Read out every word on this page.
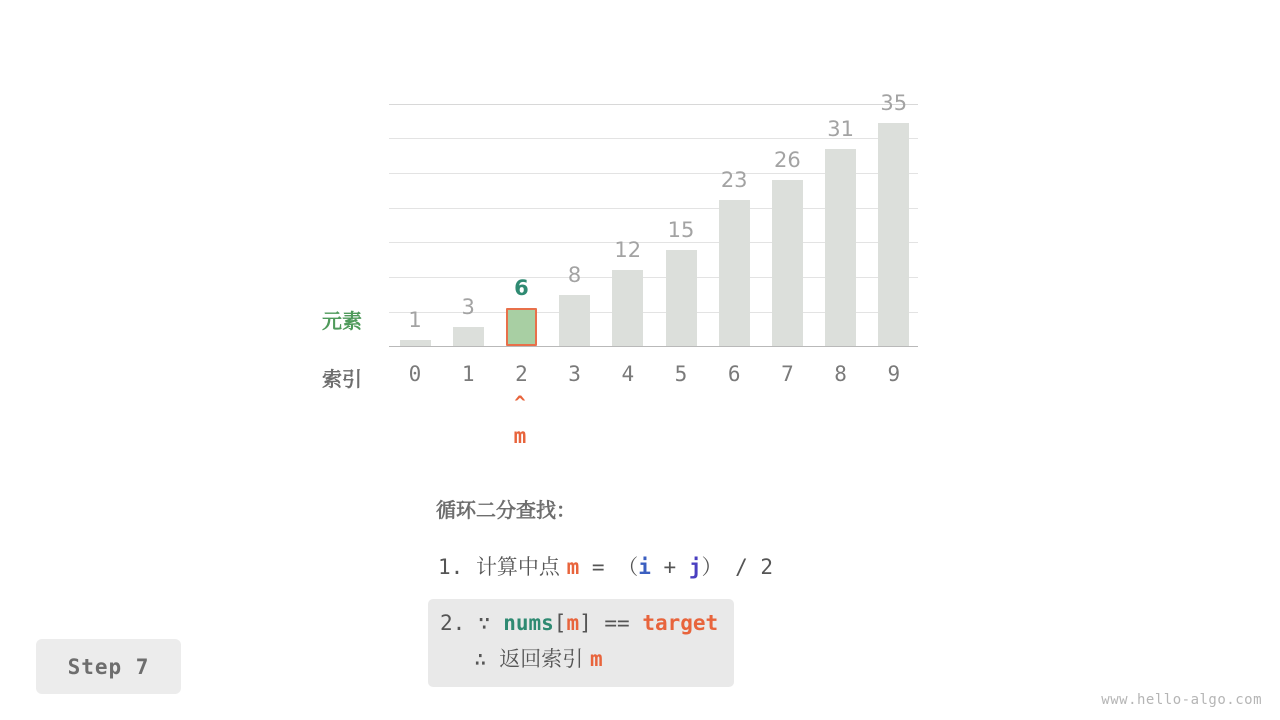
1
3
6
8
12
15
23
26
31
35
元素
索引	0	1	2	3	4	5	6	7	8	9
^
m
循环二分查找：
1. 计算中点 m = （i + j） / 2
2. ∵ nums[m] == target
∴ 返回索引 m
Step 7
www.hello-algo.com
